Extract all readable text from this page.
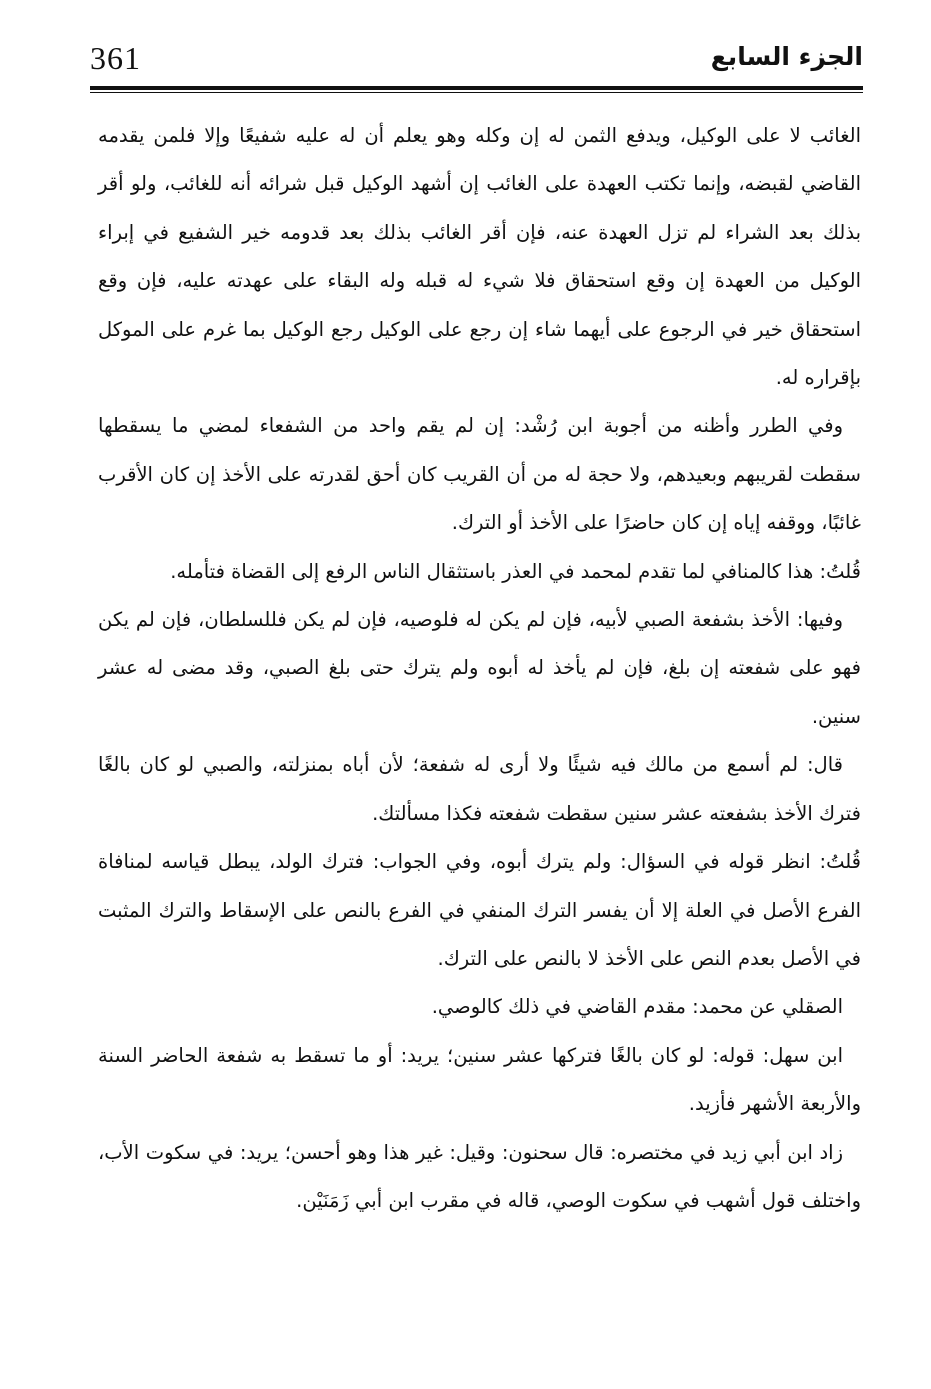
361	الجزء السابع

الغائب لا على الوكيل، ويدفع الثمن له إن وكله وهو يعلم أن له عليه شفيعًا وإلا فلمن يقدمه القاضي لقبضه، وإنما تكتب العهدة على الغائب إن أشهد الوكيل قبل شرائه أنه للغائب، ولو أقر بذلك بعد الشراء لم تزل العهدة عنه، فإن أقر الغائب بذلك بعد قدومه خير الشفيع في إبراء الوكيل من العهدة إن وقع استحقاق فلا شيء له قبله وله البقاء على عهدته عليه، فإن وقع استحقاق خير في الرجوع على أيهما شاء إن رجع على الوكيل رجع الوكيل بما غرم على الموكل بإقراره له.

وفي الطرر وأظنه من أجوبة ابن رُشْد: إن لم يقم واحد من الشفعاء لمضي ما يسقطها سقطت لقريبهم وبعيدهم، ولا حجة له من أن القريب كان أحق لقدرته على الأخذ إن كان الأقرب غائبًا، ووقفه إياه إن كان حاضرًا على الأخذ أو الترك.

قُلتُ: هذا كالمنافي لما تقدم لمحمد في العذر باستثقال الناس الرفع إلى القضاة فتأمله.

وفيها: الأخذ بشفعة الصبي لأبيه، فإن لم يكن له فلوصيه، فإن لم يكن فللسلطان، فإن لم يكن فهو على شفعته إن بلغ، فإن لم يأخذ له أبوه ولم يترك حتى بلغ الصبي، وقد مضى له عشر سنين.

قال: لم أسمع من مالك فيه شيئًا ولا أرى له شفعة؛ لأن أباه بمنزلته، والصبي لو كان بالغًا فترك الأخذ بشفعته عشر سنين سقطت شفعته فكذا مسألتك.

قُلتُ: انظر قوله في السؤال: ولم يترك أبوه، وفي الجواب: فترك الولد، يبطل قياسه لمنافاة الفرع الأصل في العلة إلا أن يفسر الترك المنفي في الفرع بالنص على الإسقاط والترك المثبت في الأصل بعدم النص على الأخذ لا بالنص على الترك.

الصقلي عن محمد: مقدم القاضي في ذلك كالوصي.

ابن سهل: قوله: لو كان بالغًا فتركها عشر سنين؛ يريد: أو ما تسقط به شفعة الحاضر السنة والأربعة الأشهر فأزيد.

زاد ابن أبي زيد في مختصره: قال سحنون: وقيل: غير هذا وهو أحسن؛ يريد: في سكوت الأب، واختلف قول أشهب في سكوت الوصي، قاله في مقرب ابن أبي زَمَنَيْن.
